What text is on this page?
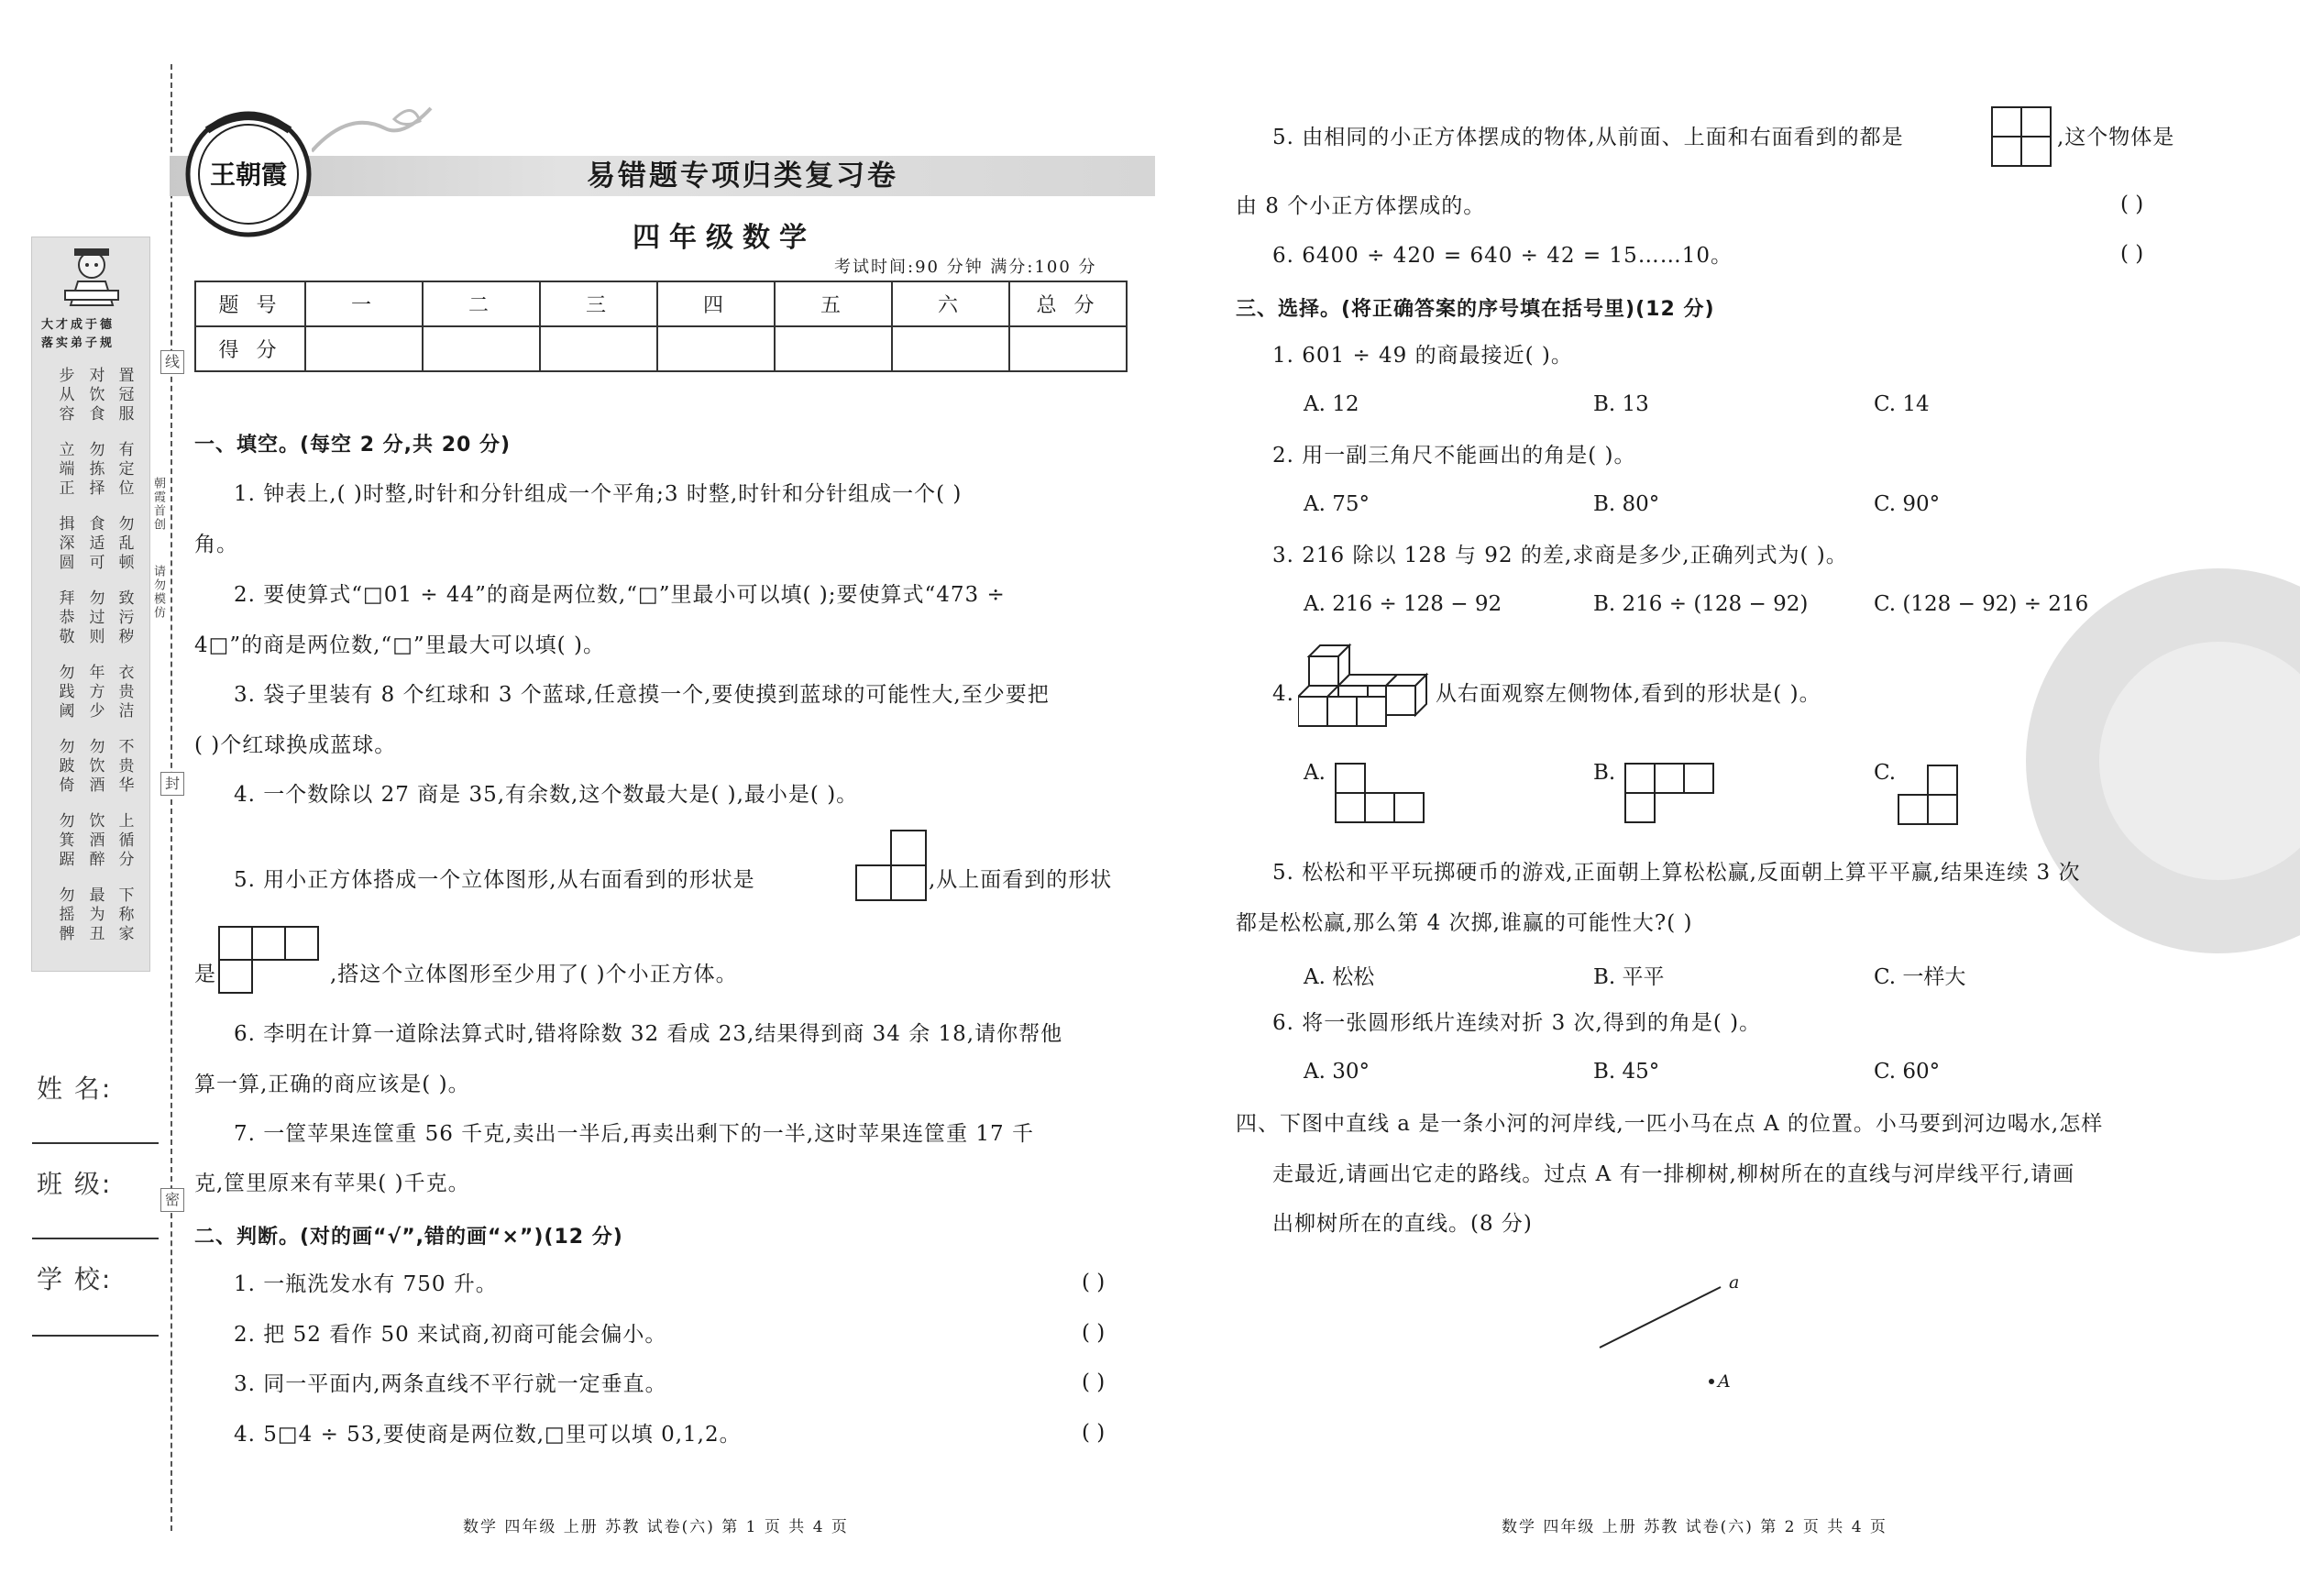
大才成于德
落实弟子规
步
从
容
对
饮
食
置
冠
服
立
端
正
勿
拣
择
有
定
位
揖
深
圆
食
适
可
勿
乱
顿
拜
恭
敬
勿
过
则
致
污
秽
勿
践
阈
年
方
少
衣
贵
洁
勿
跛
倚
勿
饮
酒
不
贵
华
勿
箕
踞
饮
酒
醉
上
循
分
勿
摇
髀
最
为
丑
下
称
家
朝霞首创
请勿模仿
线
封
密
姓 名:
班 级:
学 校:
王朝霞	易错题专项归类复习卷
四年级数学
考试时间:90 分钟 满分:100 分
题 号	一	二	三	四	五	六	总 分
得 分							
一、填空。(每空 2 分,共 20 分)
1. 钟表上,( )时整,时针和分针组成一个平角;3 时整,时针和分针组成一个( )
角。
2. 要使算式“□01 ÷ 44”的商是两位数,“□”里最小可以填( );要使算式“473 ÷
4□”的商是两位数,“□”里最大可以填( )。
3. 袋子里装有 8 个红球和 3 个蓝球,任意摸一个,要使摸到蓝球的可能性大,至少要把
( )个红球换成蓝球。
4. 一个数除以 27 商是 35,有余数,这个数最大是( ),最小是( )。
5. 用小正方体搭成一个立体图形,从右面看到的形状是	,从上面看到的形状
是	,搭这个立体图形至少用了( )个小正方体。
6. 李明在计算一道除法算式时,错将除数 32 看成 23,结果得到商 34 余 18,请你帮他
算一算,正确的商应该是( )。
7. 一筐苹果连筐重 56 千克,卖出一半后,再卖出剩下的一半,这时苹果连筐重 17 千
克,筐里原来有苹果( )千克。
二、判断。(对的画“√”,错的画“×”)(12 分)
1. 一瓶洗发水有 750 升。	( )
2. 把 52 看作 50 来试商,初商可能会偏小。	( )
3. 同一平面内,两条直线不平行就一定垂直。	( )
4. 5□4 ÷ 53,要使商是两位数,□里可以填 0,1,2。	( )
数学 四年级 上册 苏教 试卷(六) 第 1 页 共 4 页
5. 由相同的小正方体摆成的物体,从前面、上面和右面看到的都是	,这个物体是
由 8 个小正方体摆成的。	( )
6. 6400 ÷ 420 = 640 ÷ 42 = 15……10。	( )
三、选择。(将正确答案的序号填在括号里)(12 分)
1. 601 ÷ 49 的商最接近( )。
A. 12	B. 13	C. 14
2. 用一副三角尺不能画出的角是( )。
A. 75°	B. 80°	C. 90°
3. 216 除以 128 与 92 的差,求商是多少,正确列式为( )。
A. 216 ÷ 128 − 92	B. 216 ÷ (128 − 92)	C. (128 − 92) ÷ 216
4.	从右面观察左侧物体,看到的形状是( )。
A.	B.	C.
5. 松松和平平玩掷硬币的游戏,正面朝上算松松赢,反面朝上算平平赢,结果连续 3 次
都是松松赢,那么第 4 次掷,谁赢的可能性大?( )
A. 松松	B. 平平	C. 一样大
6. 将一张圆形纸片连续对折 3 次,得到的角是( )。
A. 30°	B. 45°	C. 60°
四、下图中直线 a 是一条小河的河岸线,一匹小马在点 A 的位置。小马要到河边喝水,怎样
走最近,请画出它走的路线。过点 A 有一排柳树,柳树所在的直线与河岸线平行,请画
出柳树所在的直线。(8 分)
a
A
数学 四年级 上册 苏教 试卷(六) 第 2 页 共 4 页
